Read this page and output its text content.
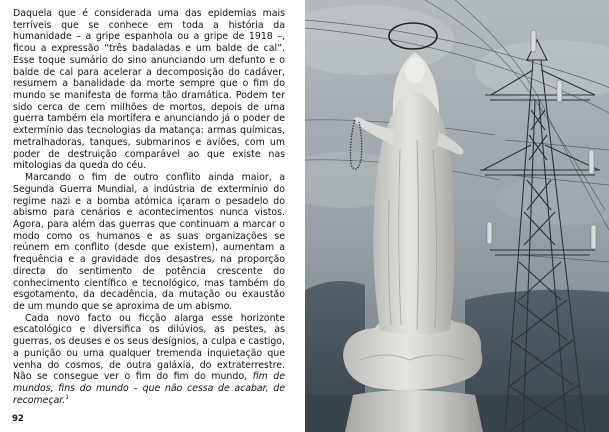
Daquela que é considerada uma das epidemias mais terríveis que se conhece em toda a história da humanidade – a gripe espanhola ou a gripe de 1918 –, ficou a expressão “três badaladas e um balde de cal”. Esse toque sumário do sino anunciando um defunto e o balde de cal para acelerar a decomposição do cadáver, resumem a banalidade da morte sempre que o fim do mundo se manifesta de forma tão dramática. Podem ter sido cerca de cem milhões de mortos, depois de uma guerra também ela mortífera e anunciando já o poder de extermínio das tecnologias da matança: armas químicas, metralhadoras, tanques, submarinos e aviões, com um poder de destruição comparável ao que existe nas mitologias da queda do céu.

Marcando o fim de outro conflito ainda maior, a Segunda Guerra Mundial, a indústria de extermínio do regime nazi e a bomba atómica içaram o pesadelo do abismo para cenários e acontecimentos nunca vistos. Agora, para além das guerras que continuam a marcar o modo como os humanos e as suas organizações se reúnem em conflito (desde que existem), aumentam a frequência e a gravidade dos desastres, na proporção directa do sentimento de potência crescente do conhecimento científico e tecnológico, mas também do esgotamento, da decadência, da mutação ou exaustão de um mundo que se aproxima de um abismo.

Cada novo facto ou ficção alarga esse horizonte escatológico e diversifica os dilúvios, as pestes, as guerras, os deuses e os seus desígnios, a culpa e castigo, a punição ou uma qualquer tremenda inquietação que venha do cosmos, de outra galáxia, do extraterrestre. Não se consegue ver o fim do fim do mundo, fim de mundos, fins do mundo – que não cessa de acabar, de recomeçar.$^1$

92
